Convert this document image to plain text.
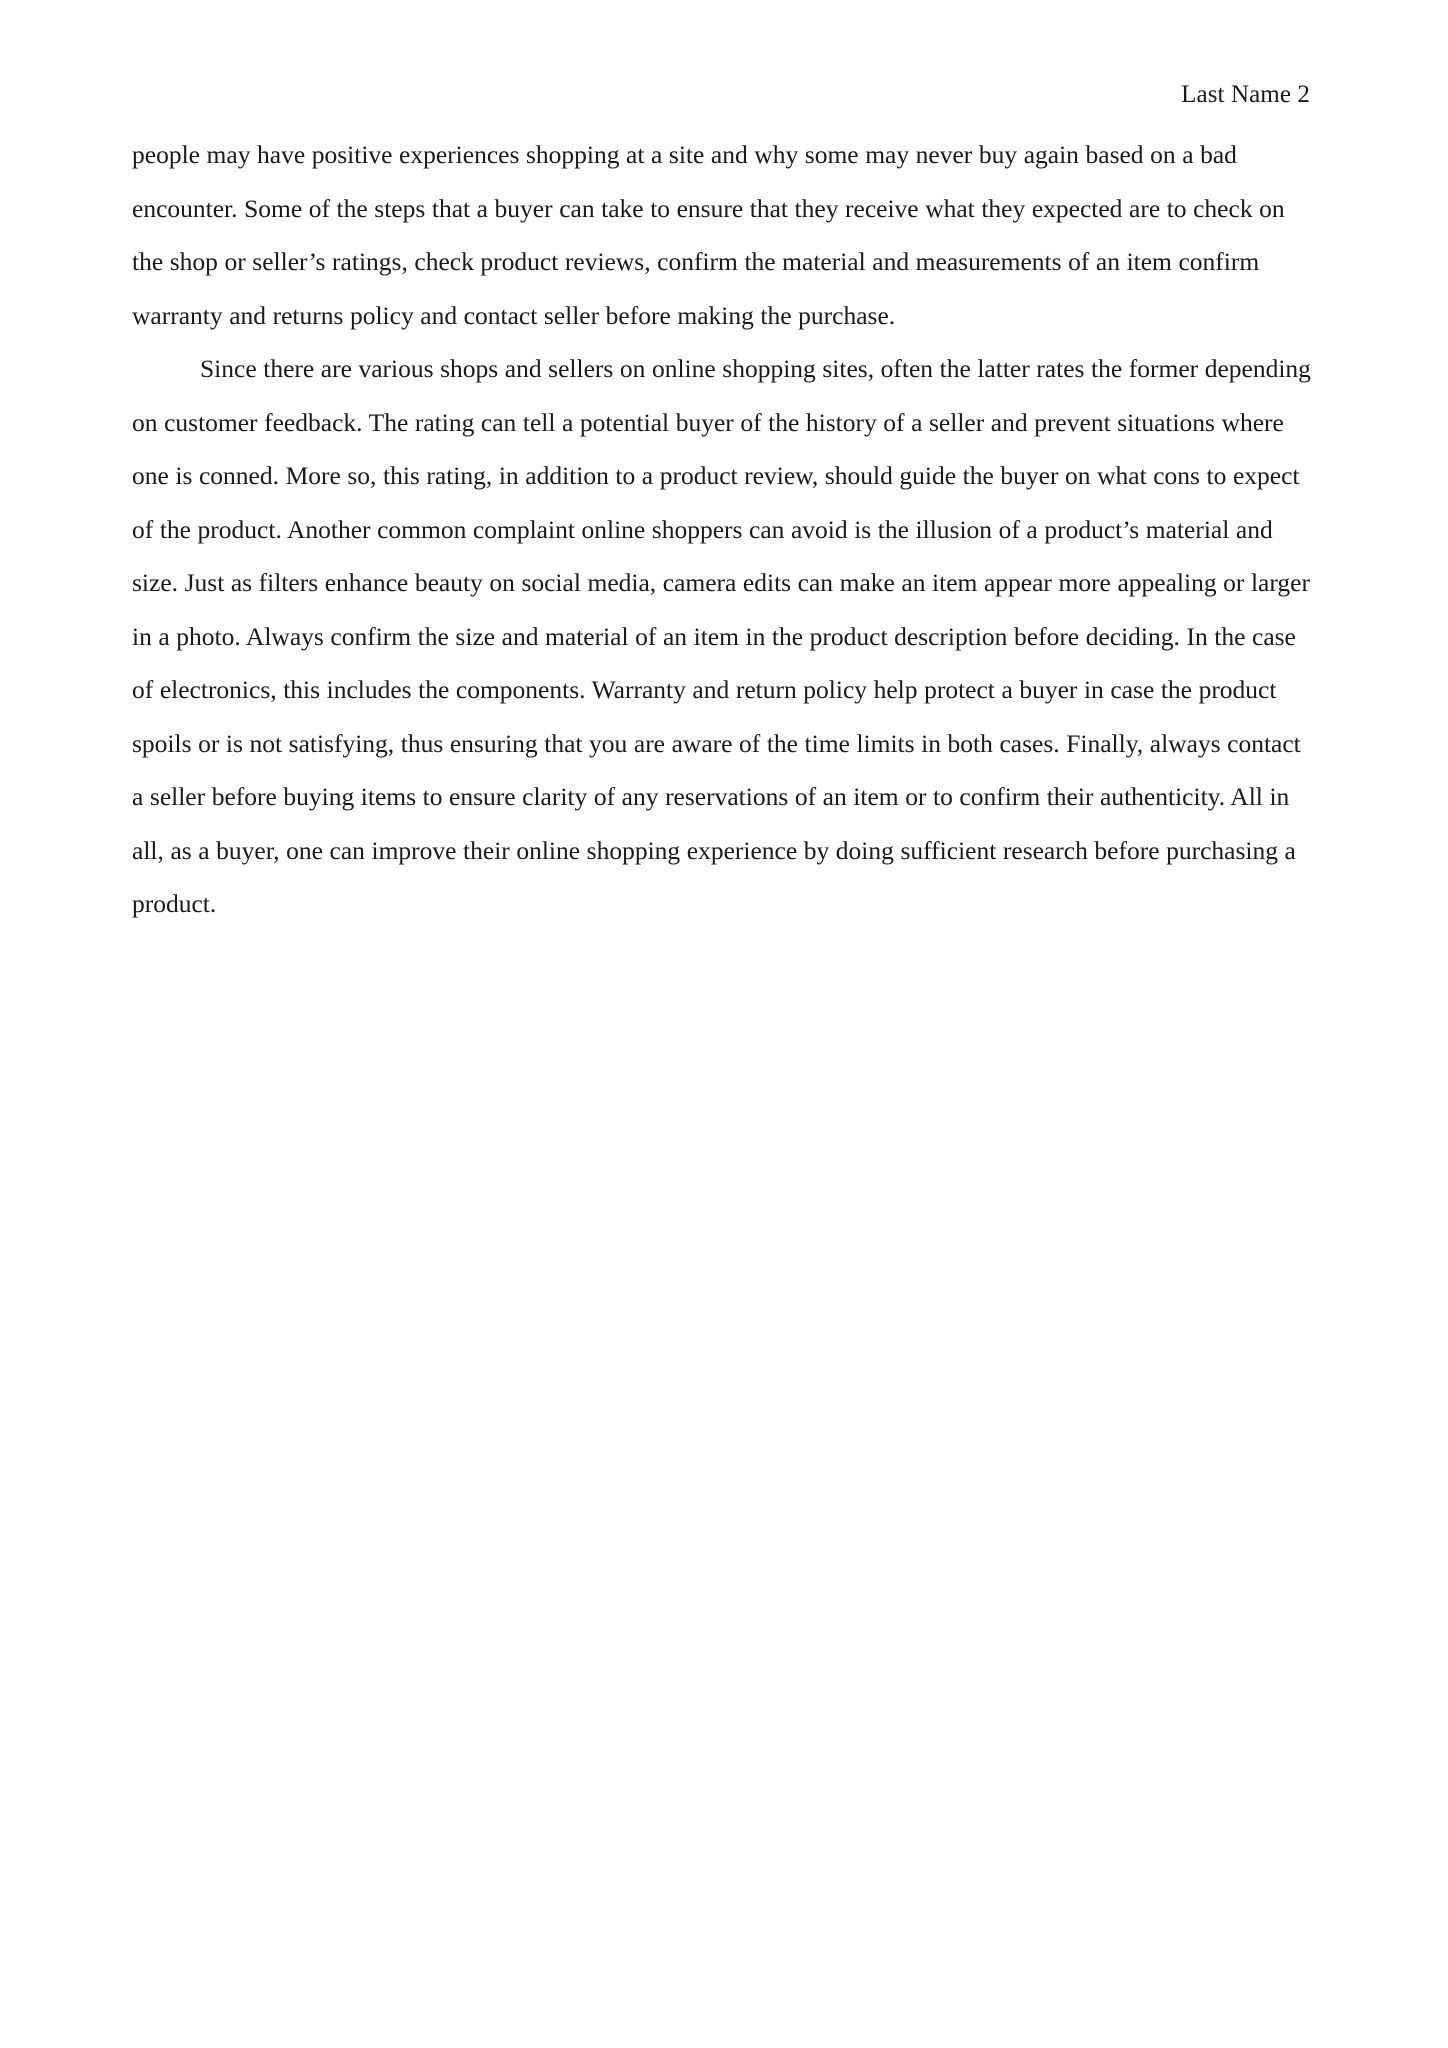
Last Name 2

people may have positive experiences shopping at a site and why some may never buy again based on a bad encounter. Some of the steps that a buyer can take to ensure that they receive what they expected are to check on the shop or seller’s ratings, check product reviews, confirm the material and measurements of an item confirm warranty and returns policy and contact seller before making the purchase.

Since there are various shops and sellers on online shopping sites, often the latter rates the former depending on customer feedback. The rating can tell a potential buyer of the history of a seller and prevent situations where one is conned. More so, this rating, in addition to a product review, should guide the buyer on what cons to expect of the product. Another common complaint online shoppers can avoid is the illusion of a product’s material and size. Just as filters enhance beauty on social media, camera edits can make an item appear more appealing or larger in a photo. Always confirm the size and material of an item in the product description before deciding. In the case of electronics, this includes the components. Warranty and return policy help protect a buyer in case the product spoils or is not satisfying, thus ensuring that you are aware of the time limits in both cases. Finally, always contact a seller before buying items to ensure clarity of any reservations of an item or to confirm their authenticity. All in all, as a buyer, one can improve their online shopping experience by doing sufficient research before purchasing a product.
